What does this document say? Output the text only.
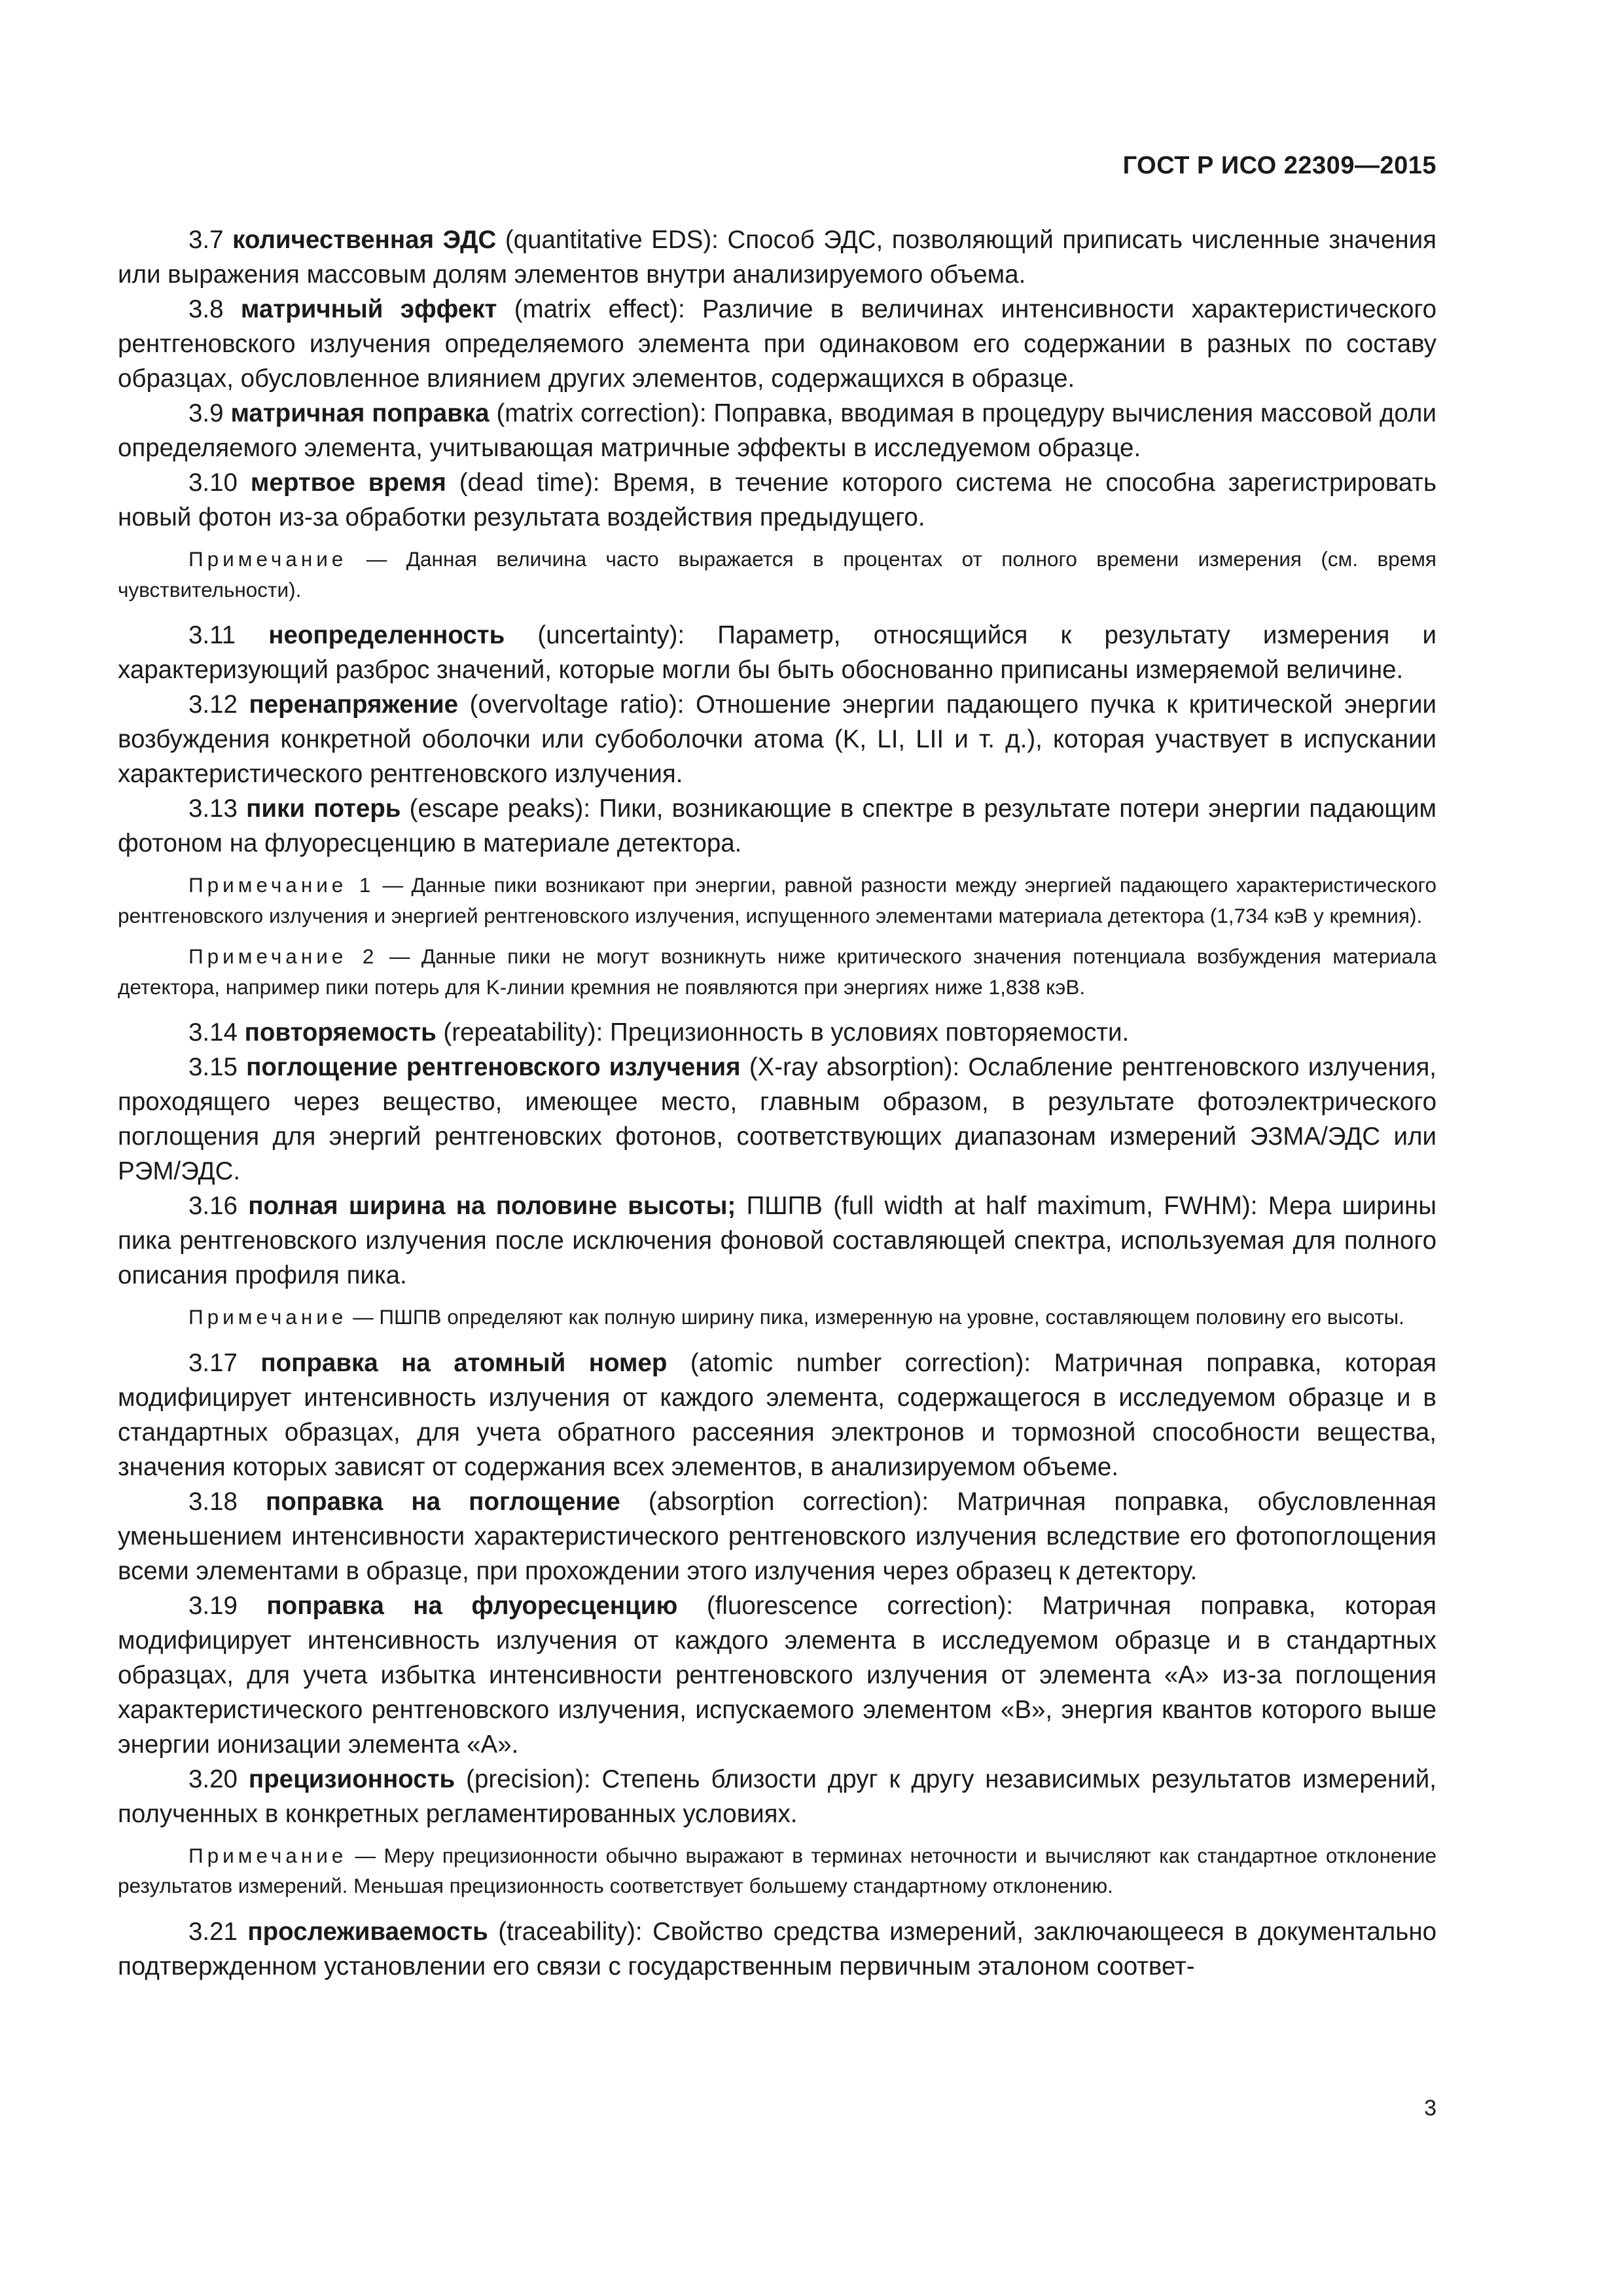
ГОСТ Р ИСО 22309—2015

3.7 количественная ЭДС (quantitative EDS): Способ ЭДС, позволяющий приписать численные значения или выражения массовым долям элементов внутри анализируемого объема.

3.8 матричный эффект (matrix effect): Различие в величинах интенсивности характеристического рентгеновского излучения определяемого элемента при одинаковом его содержании в разных по составу образцах, обусловленное влиянием других элементов, содержащихся в образце.

3.9 матричная поправка (matrix correction): Поправка, вводимая в процедуру вычисления массовой доли определяемого элемента, учитывающая матричные эффекты в исследуемом образце.

3.10 мертвое время (dead time): Время, в течение которого система не способна зарегистрировать новый фотон из-за обработки результата воздействия предыдущего.

Примечание — Данная величина часто выражается в процентах от полного времени измерения (см. время чувствительности).

3.11 неопределенность (uncertainty): Параметр, относящийся к результату измерения и характеризующий разброс значений, которые могли бы быть обоснованно приписаны измеряемой величине.

3.12 перенапряжение (overvoltage ratio): Отношение энергии падающего пучка к критической энергии возбуждения конкретной оболочки или субоболочки атома (K, LI, LII и т. д.), которая участвует в испускании характеристического рентгеновского излучения.

3.13 пики потерь (escape peaks): Пики, возникающие в спектре в результате потери энергии падающим фотоном на флуоресценцию в материале детектора.

Примечание 1 — Данные пики возникают при энергии, равной разности между энергией падающего характеристического рентгеновского излучения и энергией рентгеновского излучения, испущенного элементами материала детектора (1,734 кэВ у кремния).

Примечание 2 — Данные пики не могут возникнуть ниже критического значения потенциала возбуждения материала детектора, например пики потерь для K-линии кремния не появляются при энергиях ниже 1,838 кэВ.

3.14 повторяемость (repeatability): Прецизионность в условиях повторяемости.

3.15 поглощение рентгеновского излучения (X-ray absorption): Ослабление рентгеновского излучения, проходящего через вещество, имеющее место, главным образом, в результате фотоэлектрического поглощения для энергий рентгеновских фотонов, соответствующих диапазонам измерений ЭЗМА/ЭДС или РЭМ/ЭДС.

3.16 полная ширина на половине высоты; ПШПВ (full width at half maximum, FWHM): Мера ширины пика рентгеновского излучения после исключения фоновой составляющей спектра, используемая для полного описания профиля пика.

Примечание — ПШПВ определяют как полную ширину пика, измеренную на уровне, составляющем половину его высоты.

3.17 поправка на атомный номер (atomic number correction): Матричная поправка, которая модифицирует интенсивность излучения от каждого элемента, содержащегося в исследуемом образце и в стандартных образцах, для учета обратного рассеяния электронов и тормозной способности вещества, значения которых зависят от содержания всех элементов, в анализируемом объеме.

3.18 поправка на поглощение (absorption correction): Матричная поправка, обусловленная уменьшением интенсивности характеристического рентгеновского излучения вследствие его фотопоглощения всеми элементами в образце, при прохождении этого излучения через образец к детектору.

3.19 поправка на флуоресценцию (fluorescence correction): Матричная поправка, которая модифицирует интенсивность излучения от каждого элемента в исследуемом образце и в стандартных образцах, для учета избытка интенсивности рентгеновского излучения от элемента «А» из-за поглощения характеристического рентгеновского излучения, испускаемого элементом «В», энергия квантов которого выше энергии ионизации элемента «А».

3.20 прецизионность (precision): Степень близости друг к другу независимых результатов измерений, полученных в конкретных регламентированных условиях.

Примечание — Меру прецизионности обычно выражают в терминах неточности и вычисляют как стандартное отклонение результатов измерений. Меньшая прецизионность соответствует большему стандартному отклонению.

3.21 прослеживаемость (traceability): Свойство средства измерений, заключающееся в документально подтвержденном установлении его связи с государственным первичным эталоном соответ-

3
